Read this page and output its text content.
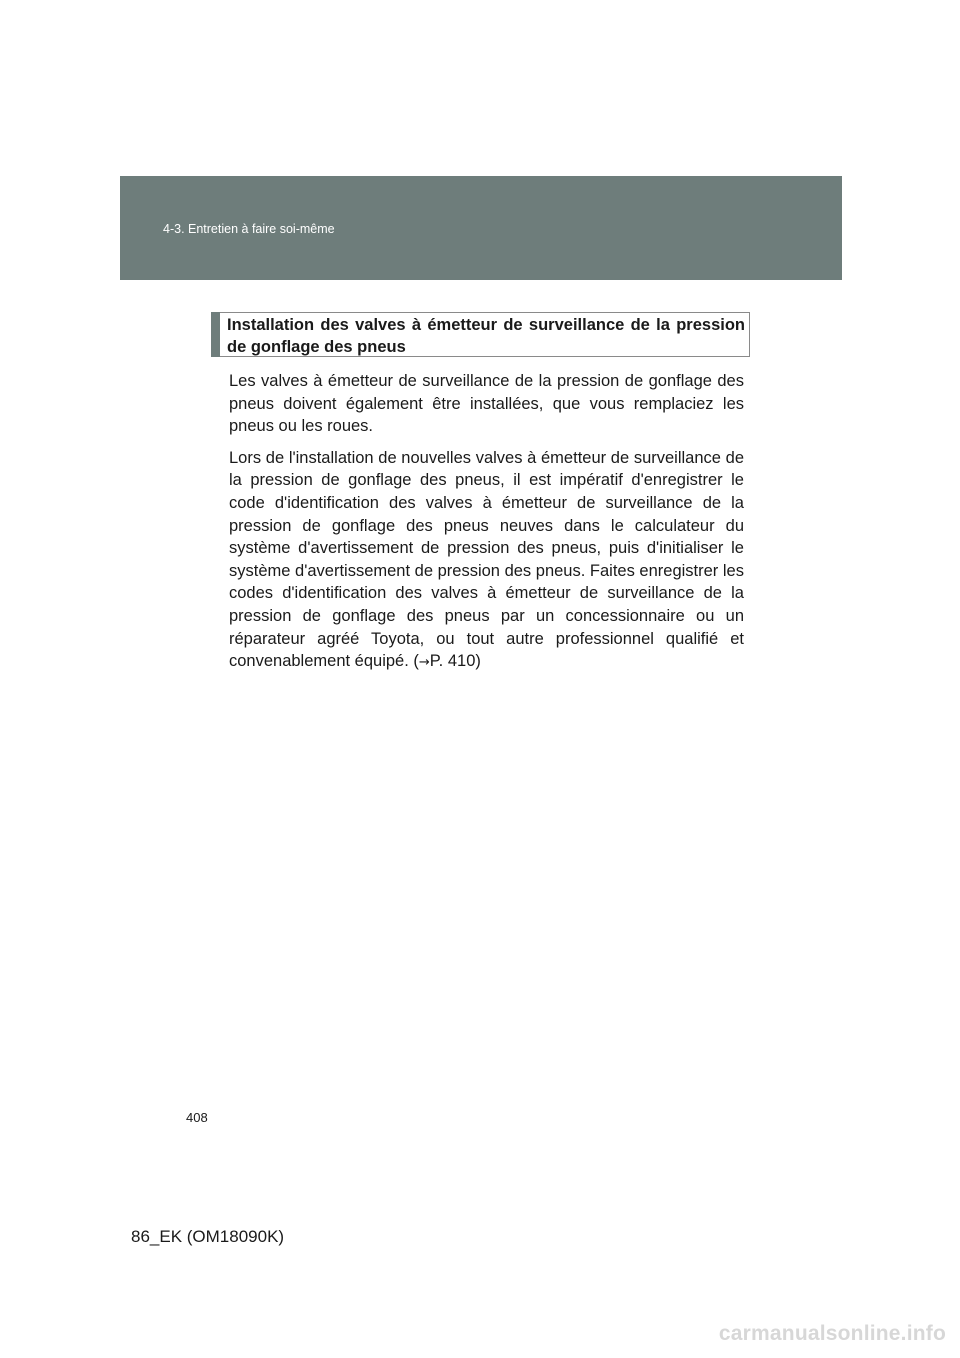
4-3. Entretien à faire soi-même
Installation des valves à émetteur de surveillance de la pression de gonflage des pneus

Les valves à émetteur de surveillance de la pression de gonflage des pneus doivent également être installées, que vous remplaciez les pneus ou les roues.

Lors de l'installation de nouvelles valves à émetteur de surveillance de la pression de gonflage des pneus, il est impératif d'enregistrer le code d'identification des valves à émetteur de surveillance de la pression de gonflage des pneus neuves dans le calculateur du système d'avertissement de pression des pneus, puis d'initialiser le système d'avertissement de pression des pneus. Faites enregistrer les codes d'identification des valves à émetteur de surveillance de la pression de gonflage des pneus par un concessionnaire ou un réparateur agréé Toyota, ou tout autre professionnel qualifié et convenablement équipé. (→P. 410)

408
86_EK (OM18090K)
carmanualsonline.info
